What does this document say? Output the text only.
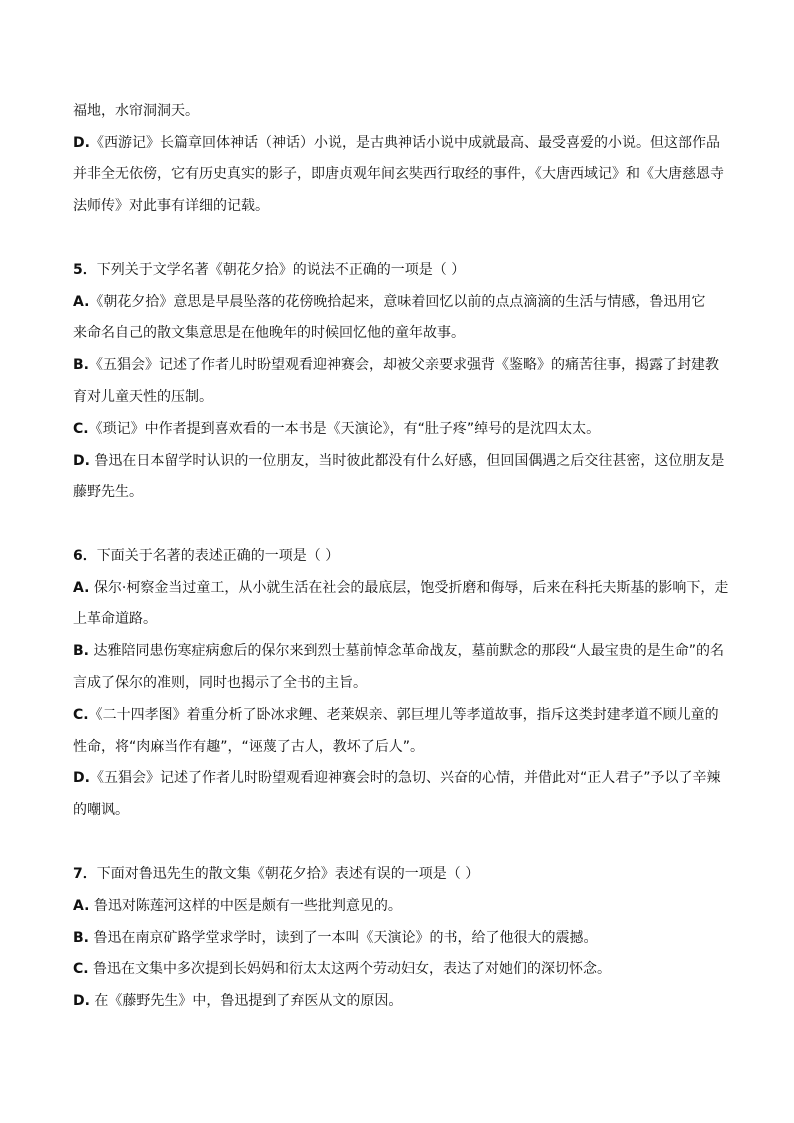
福地，水帘洞洞天。
D.《西游记》长篇章回体神话（神话）小说，是古典神话小说中成就最高、最受喜爱的小说。但这部作品
并非全无依傍，它有历史真实的影子，即唐贞观年间玄奘西行取经的事件，《大唐西域记》和《大唐慈恩寺
法师传》对此事有详细的记载。
5．下列关于文学名著《朝花夕拾》的说法不正确的一项是（ ）
A.《朝花夕拾》意思是早晨坠落的花傍晚拾起来，意味着回忆以前的点点滴滴的生活与情感，鲁迅用它
来命名自己的散文集意思是在他晚年的时候回忆他的童年故事。
B.《五猖会》记述了作者儿时盼望观看迎神赛会，却被父亲要求强背《鉴略》的痛苦往事，揭露了封建教
育对儿童天性的压制。
C.《琐记》中作者提到喜欢看的一本书是《天演论》，有“肚子疼”绰号的是沈四太太。
D. 鲁迅在日本留学时认识的一位朋友，当时彼此都没有什么好感，但回国偶遇之后交往甚密，这位朋友是
藤野先生。
6．下面关于名著的表述正确的一项是（ ）
A. 保尔·柯察金当过童工，从小就生活在社会的最底层，饱受折磨和侮辱，后来在科托夫斯基的影响下，走
上革命道路。
B. 达雅陪同患伤寒症病愈后的保尔来到烈士墓前悼念革命战友，墓前默念的那段“人最宝贵的是生命”的名
言成了保尔的准则，同时也揭示了全书的主旨。
C.《二十四孝图》着重分析了卧冰求鲤、老莱娱亲、郭巨埋儿等孝道故事，指斥这类封建孝道不顾儿童的
性命，将“肉麻当作有趣”，“诬蔑了古人，教坏了后人”。
D.《五猖会》记述了作者儿时盼望观看迎神赛会时的急切、兴奋的心情，并借此对“正人君子”予以了辛辣
的嘲讽。
7．下面对鲁迅先生的散文集《朝花夕拾》表述有误的一项是（ ）
A. 鲁迅对陈莲河这样的中医是颇有一些批判意见的。
B. 鲁迅在南京矿路学堂求学时，读到了一本叫《天演论》的书，给了他很大的震撼。
C. 鲁迅在文集中多次提到长妈妈和衍太太这两个劳动妇女，表达了对她们的深切怀念。
D. 在《藤野先生》中，鲁迅提到了弃医从文的原因。
